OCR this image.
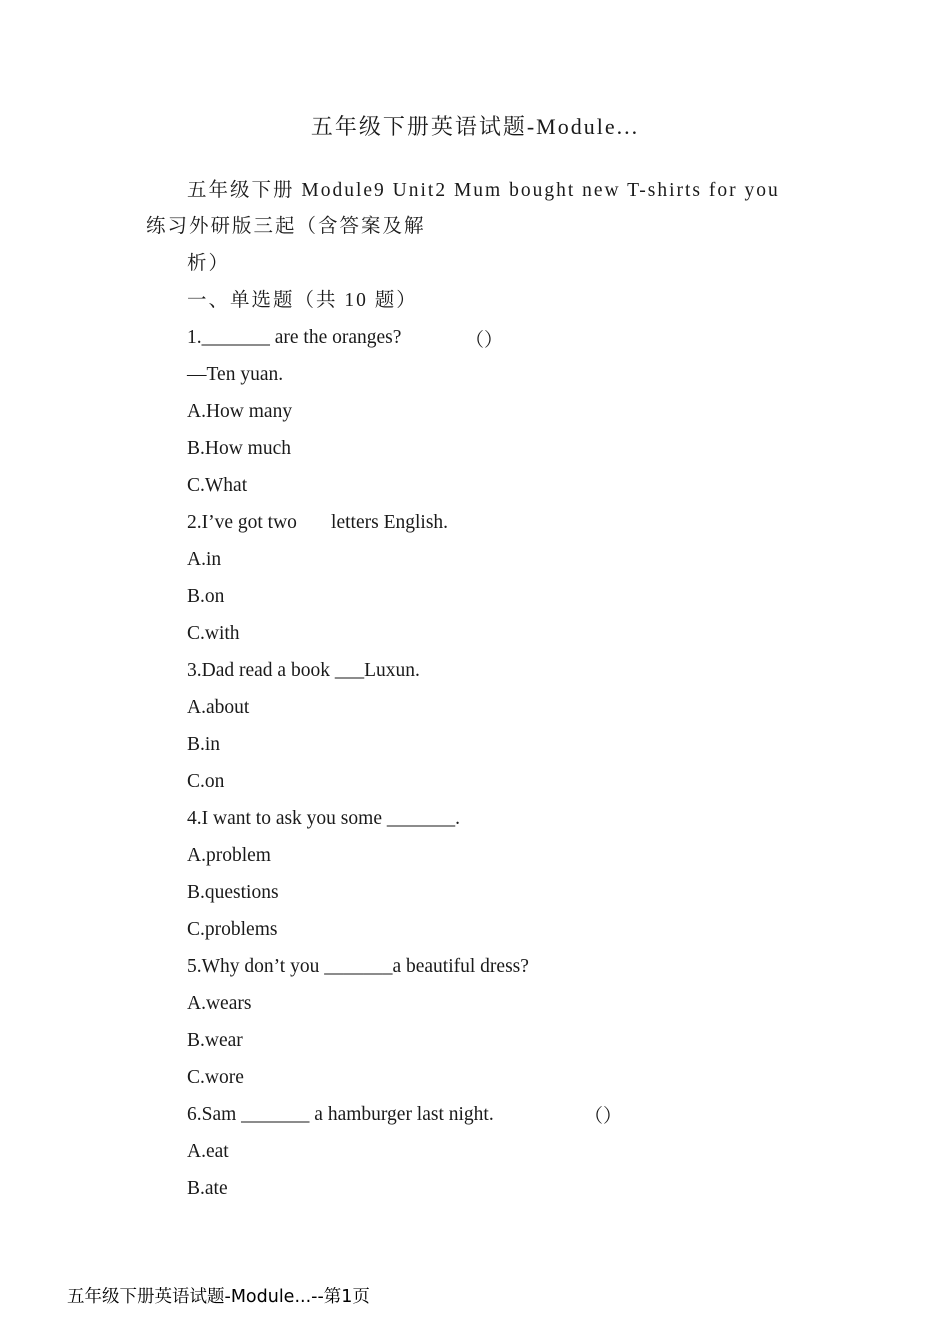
五年级下册英语试题-Module...
五年级下册 Module9 Unit2 Mum bought new T-shirts for you
练习外研版三起（含答案及解
析）
一、单选题（共 10 题）
1._______ are the oranges?
—Ten yuan.
A.How many
B.How much
C.What
2.I’ve got two       letters English.
A.in
B.on
C.with
3.Dad read a book ___Luxun.
A.about
B.in
C.on
4.I want to ask you some _______.
A.problem
B.questions
C.problems
5.Why don’t you _______a beautiful dress?
A.wears
B.wear
C.wore
6.Sam _______ a hamburger last night.
A.eat
B.ate
（）
（）
五年级下册英语试题-Module...--第1页
